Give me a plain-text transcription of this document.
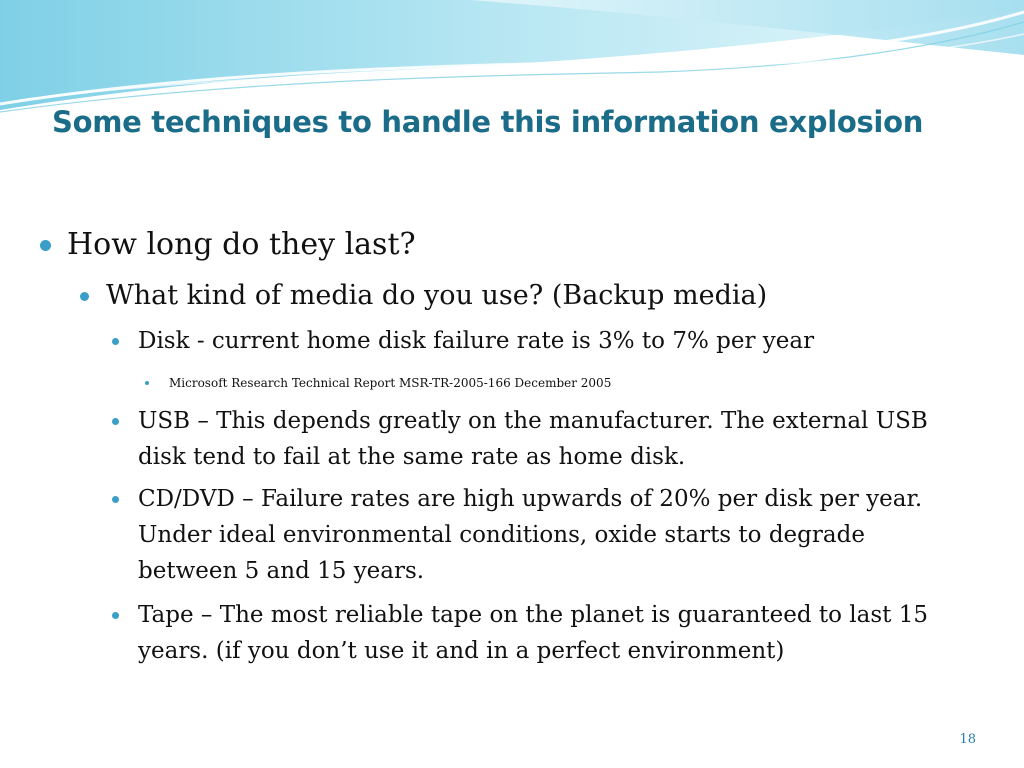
Some techniques to handle this information explosion
How long do they last?
What kind of media do you use? (Backup media)
Disk - current home disk failure rate is 3% to 7% per year
Microsoft Research Technical Report MSR-TR-2005-166 December 2005
USB – This depends greatly on the manufacturer. The external USB disk tend to fail at the same rate as home disk.
CD/DVD – Failure rates are high upwards of 20% per disk per year. Under ideal environmental conditions, oxide starts to degrade between 5 and 15 years.
Tape – The most reliable tape on the planet is guaranteed to last 15 years. (if you don’t use it and in a perfect environment)
18
